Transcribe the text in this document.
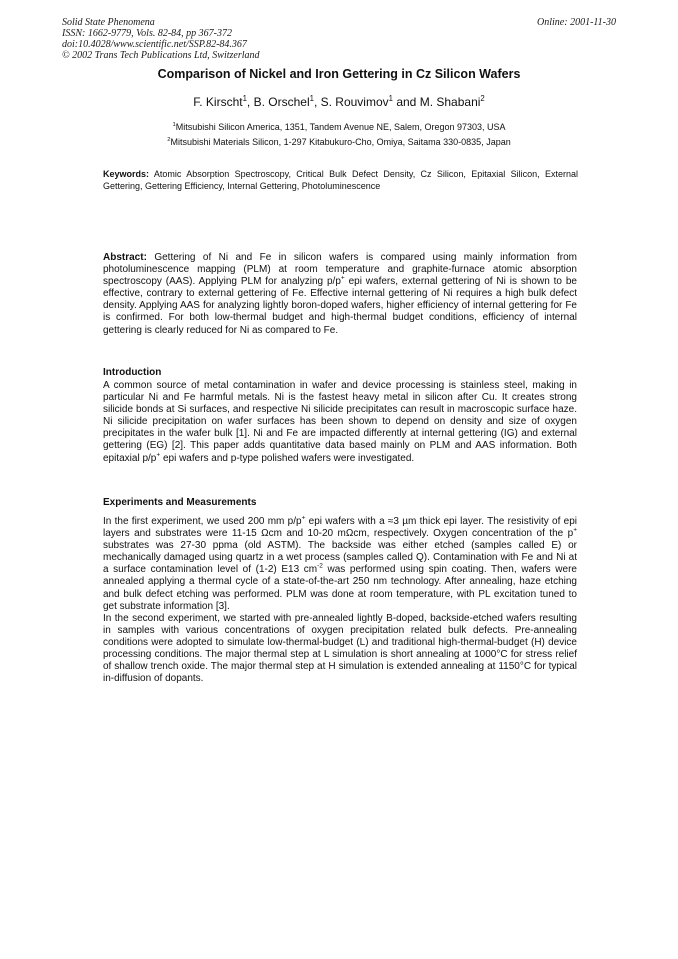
Solid State Phenomena
ISSN: 1662-9779, Vols. 82-84, pp 367-372
doi:10.4028/www.scientific.net/SSP.82-84.367
© 2002 Trans Tech Publications Ltd, Switzerland
Online: 2001-11-30
Comparison of Nickel and Iron Gettering in Cz Silicon Wafers
F. Kirscht$^1$, B. Orschel$^1$, S. Rouvimov$^1$ and M. Shabani$^2$
$^1$Mitsubishi Silicon America, 1351, Tandem Avenue NE, Salem, Oregon 97303, USA
$^2$Mitsubishi Materials Silicon, 1-297 Kitabukuro-Cho, Omiya, Saitama 330-0835, Japan
Keywords: Atomic Absorption Spectroscopy, Critical Bulk Defect Density, Cz Silicon, Epitaxial Silicon, External Gettering, Gettering Efficiency, Internal Gettering, Photoluminescence

Abstract: Gettering of Ni and Fe in silicon wafers is compared using mainly information from photoluminescence mapping (PLM) at room temperature and graphite-furnace atomic absorption spectroscopy (AAS). Applying PLM for analyzing p/p+ epi wafers, external gettering of Ni is shown to be effective, contrary to external gettering of Fe. Effective internal gettering of Ni requires a high bulk defect density. Applying AAS for analyzing lightly boron-doped wafers, higher efficiency of internal gettering for Fe is confirmed. For both low-thermal budget and high-thermal budget conditions, efficiency of internal gettering is clearly reduced for Ni as compared to Fe.

Introduction

A common source of metal contamination in wafer and device processing is stainless steel, making in particular Ni and Fe harmful metals. Ni is the fastest heavy metal in silicon after Cu. It creates strong silicide bonds at Si surfaces, and respective Ni silicide precipitates can result in macroscopic surface haze. Ni silicide precipitation on wafer surfaces has been shown to depend on density and size of oxygen precipitates in the wafer bulk [1]. Ni and Fe are impacted differently at internal gettering (IG) and external gettering (EG) [2]. This paper adds quantitative data based mainly on PLM and AAS information. Both epitaxial p/p+ epi wafers and p-type polished wafers were investigated.

Experiments and Measurements

In the first experiment, we used 200 mm p/p+ epi wafers with a ≈3 µm thick epi layer. The resistivity of epi layers and substrates were 11-15 Ωcm and 10-20 mΩcm, respectively. Oxygen concentration of the p+ substrates was 27-30 ppma (old ASTM). The backside was either etched (samples called E) or mechanically damaged using quartz in a wet process (samples called Q). Contamination with Fe and Ni at a surface contamination level of (1-2) E13 $cm^{-2}$ was performed using spin coating. Then, wafers were annealed applying a thermal cycle of a state-of-the-art 250 nm technology. After annealing, haze etching and bulk defect etching was performed. PLM was done at room temperature, with PL excitation tuned to get substrate information [3].

In the second experiment, we started with pre-annealed lightly B-doped, backside-etched wafers resulting in samples with various concentrations of oxygen precipitation related bulk defects. Pre-annealing conditions were adopted to simulate low-thermal-budget (L) and traditional high-thermal-budget (H) device processing conditions. The major thermal step at L simulation is short annealing at 1000°C for stress relief of shallow trench oxide. The major thermal step at H simulation is extended annealing at 1150°C for typical in-diffusion of dopants.
